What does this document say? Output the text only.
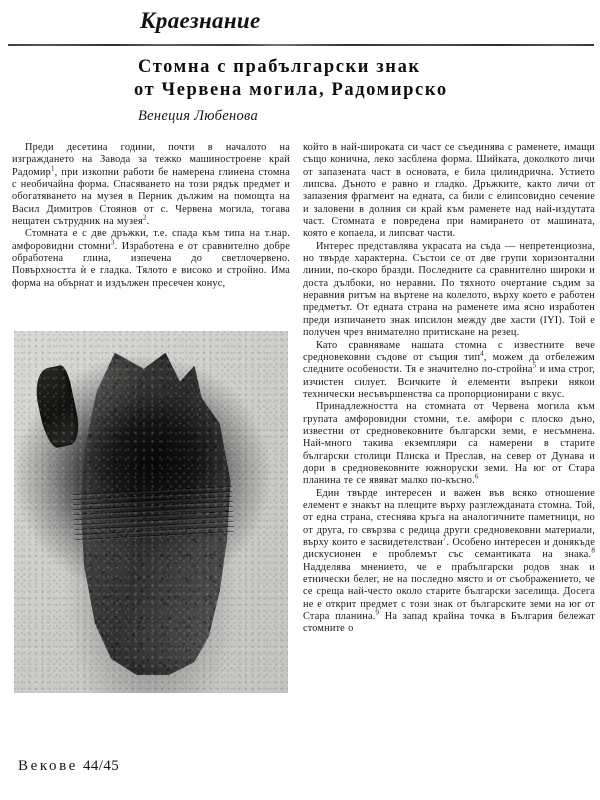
Краезнание
Стомна с прабългарски знак
от Червена могила, Радомирско
Венеция Любенова

Преди десетина години, почти в началото на изграждането на Завода за тежко машиностроене край Радомир$^1$, при изкопни работи бе намерена глинена стомна с необичайна форма. Спасяването на този рядък предмет и обогатяването на музея в Перник дължим на помощта на Васил Димитров Стоянов от с. Червена могила, тогава нещатен сътрудник на музея$^2$.

Стомната е с две дръжки, т.е. спада към типа на т.нар. амфоровидни стомни$^3$. Изработена е от сравнително добре обработена глина, изпечена до светлочервено. Повърхността ѝ е гладка. Тялото е високо и стройно. Има форма на обърнат и издължен пресечен конус,

който в най-широката си част се съединява с раменете, имащи също конична, леко засблена форма. Шийката, доколкото личи от запазената част в основата, е била цилиндрична. Устието липсва. Дъното е равно и гладко. Дръжките, както личи от запазения фрагмент на едната, са били с елипсовидно сечение и заловени в долния си край към раменете над най-издутата част. Стомната е повредена при намирането от машината, която е копаела, и липсват части.

Интерес представлява украсата на съда — непретенциозна, но твърде характерна. Състои се от две групи хоризонтални линии, по-скоро бразди. Последните са сравнително широки и доста дълбоки, но неравни. По тяхното очертание съдим за неравния ритъм на въртене на колелото, върху което е работен предметът. От едната страна на раменете има ясно изработен преди изпичането знак ипсилон между две хасти (IYI). Той е получен чрез внимателно притискане на резец.

Като сравняваме нашата стомна с известните вече средновековни съдове от същия тип$^4$, можем да отбележим следните особености. Тя е значително по-стройна$^5$ и има строг, изчистен силует. Всичките ѝ елементи въпреки някои технически несъвършенства са пропорционирани с вкус.

Принадлежността на стомната от Червена могила към групата амфоровидни стомни, т.е. амфори с плоско дъно, известни от средновековните български земи, е несъмнена. Най-много такива екземпляри са намерени в старите български столици Плиска и Преслав, на север от Дунава и дори в средновековните южноруски земи. На юг от Стара планина те се явяват малко по-късно.$^6$

Един твърде интересен и важен във всяко отношение елемент е знакът на плещите върху разглежданата стомна. Той, от една страна, стеснява кръга на аналогичните паметници, но от друга, го свързва с редица други средновековни материали, върху които е засвидетелстван$^7$. Особено интересен и донякъде дискусионен е проблемът със семантиката на знака.$^8$ Надделява мнението, че е прабългарски родов знак и етнически белег, не на последно място и от съображението, че се среща най-често около старите български заселища. Досега не е открит предмет с този знак от българските земи на юг от Стара планина.$^9$ На запад крайна точка в България бележат стомните о

Векове 44/45
